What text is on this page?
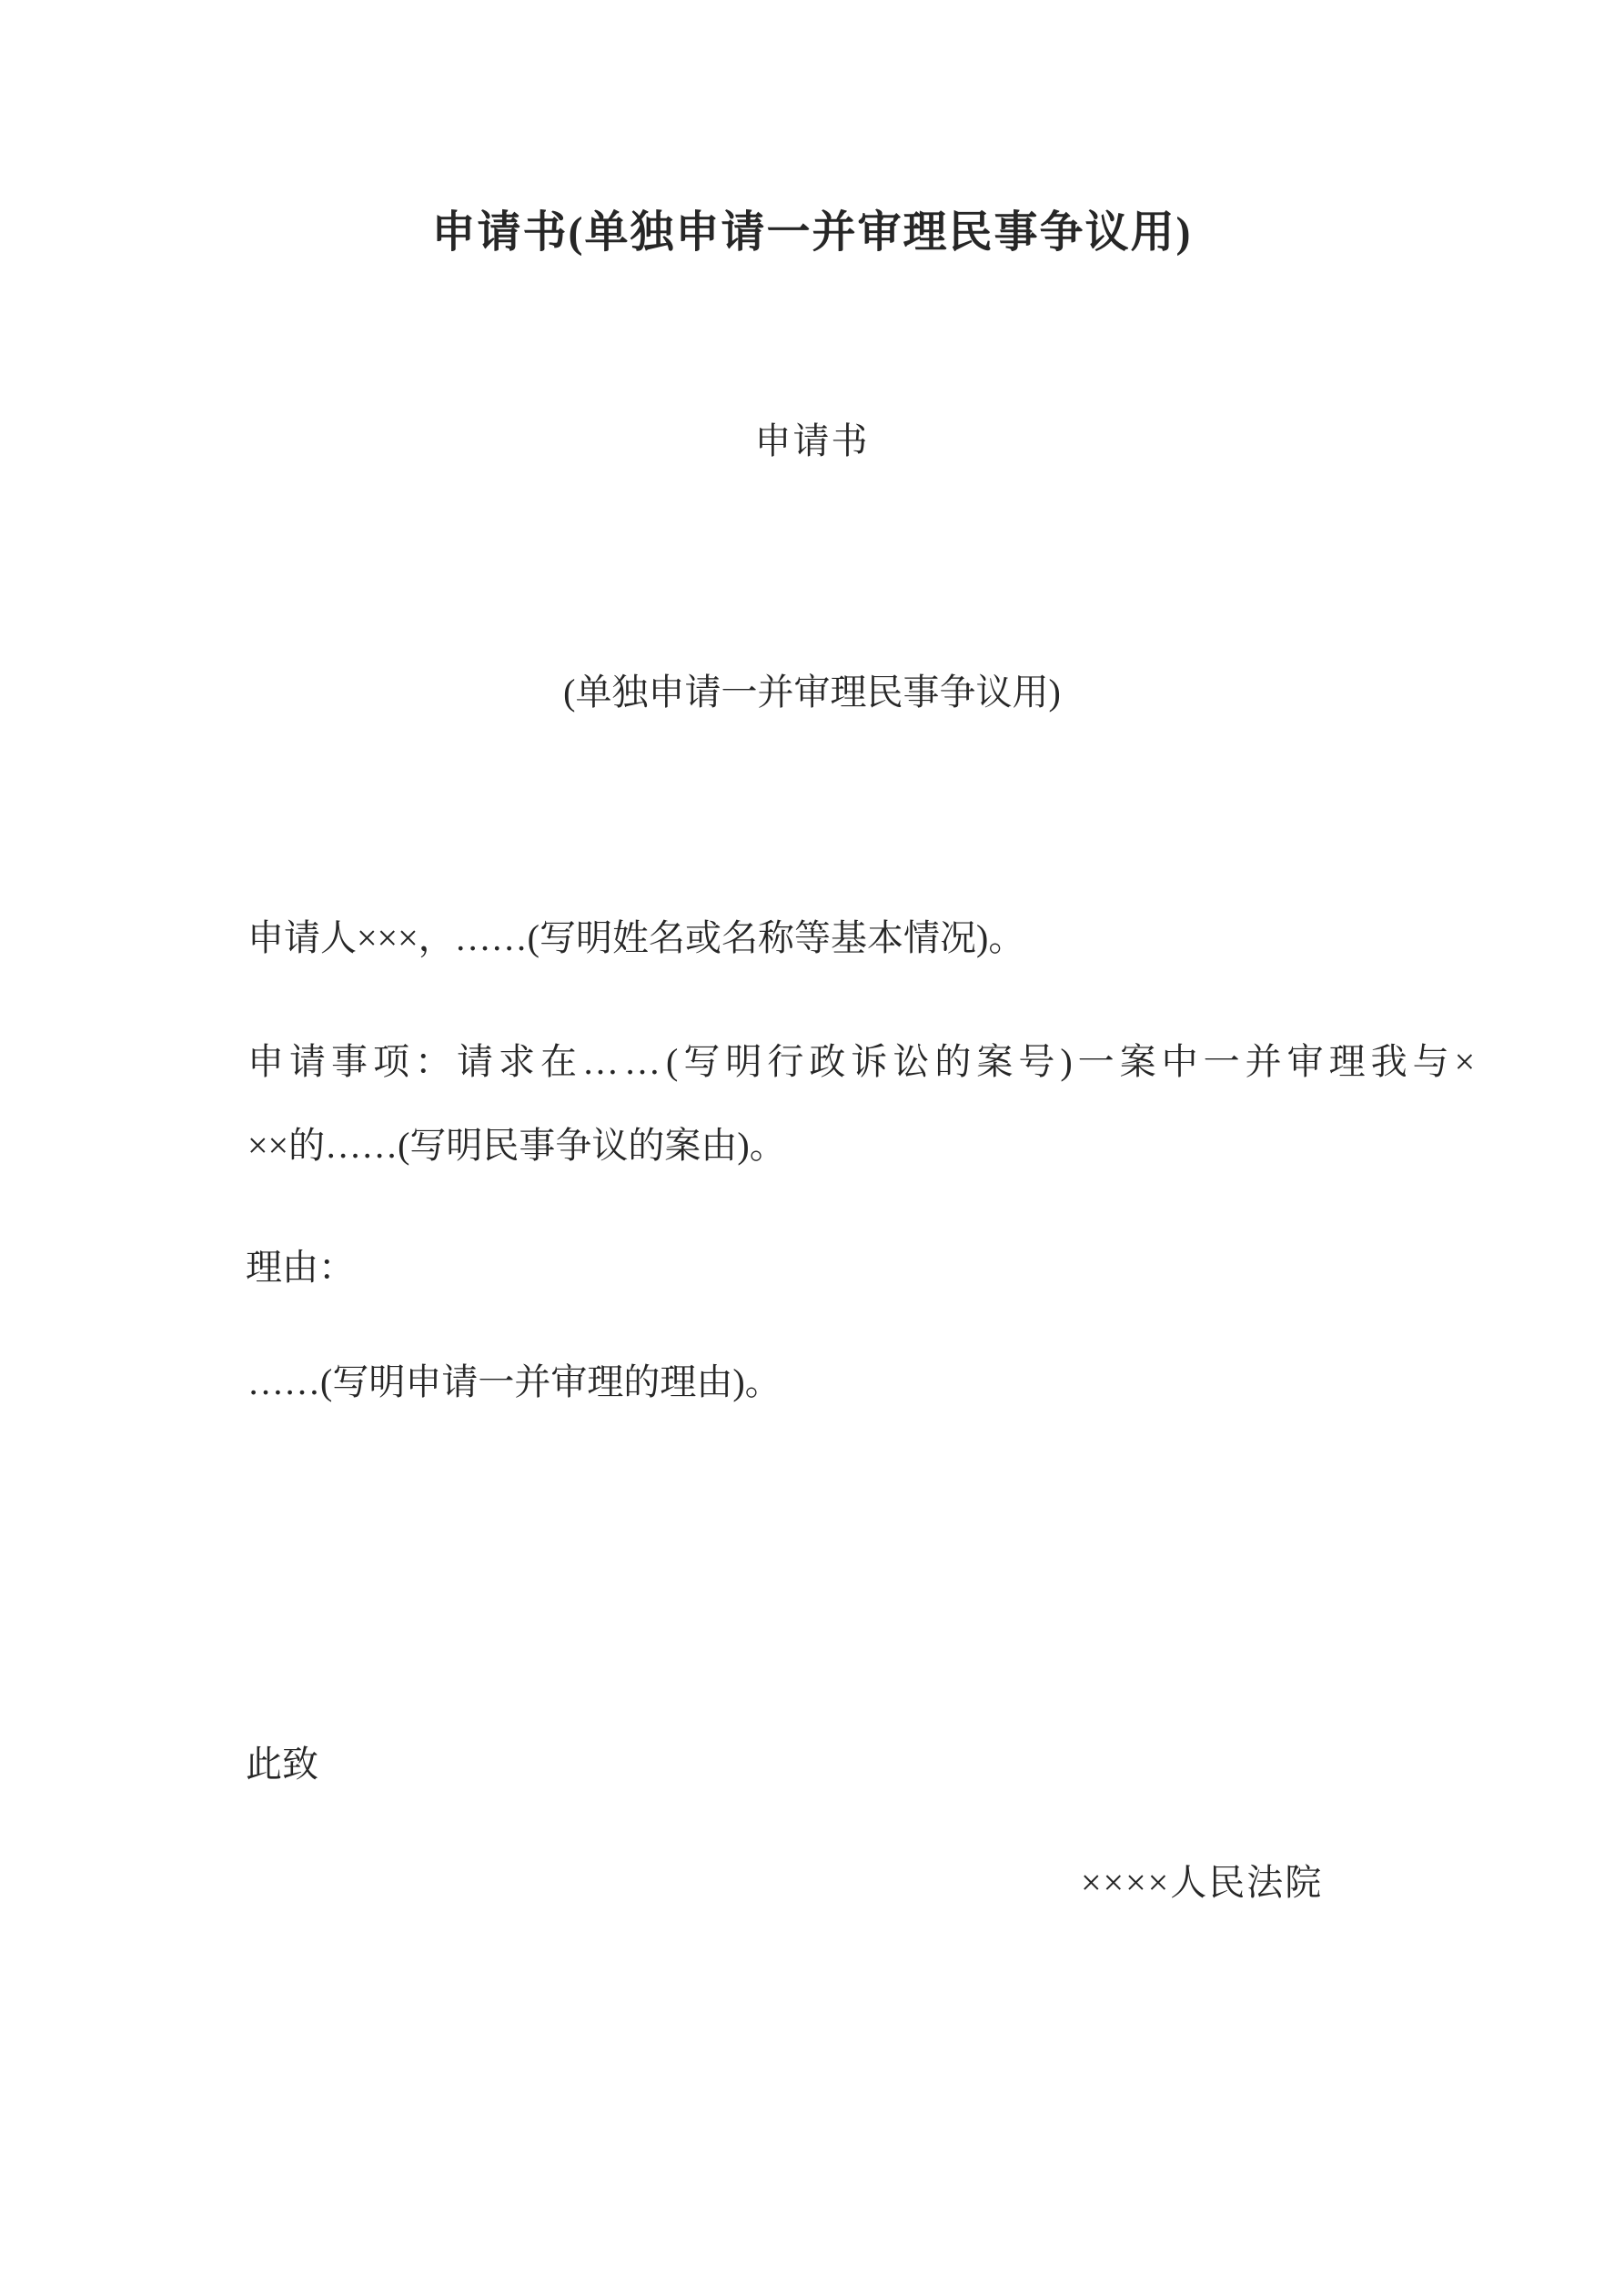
申请书(单独申请一并审理民事争议用)
申请书
(单独申请一并审理民事争议用)
申请人×××，……(写明姓名或名称等基本情况)。
申请事项：请求在……(写明行政诉讼的案号)一案中一并审理我与×
××的……(写明民事争议的案由)。
理由：
……(写明申请一并审理的理由)。
此致
××××人民法院
